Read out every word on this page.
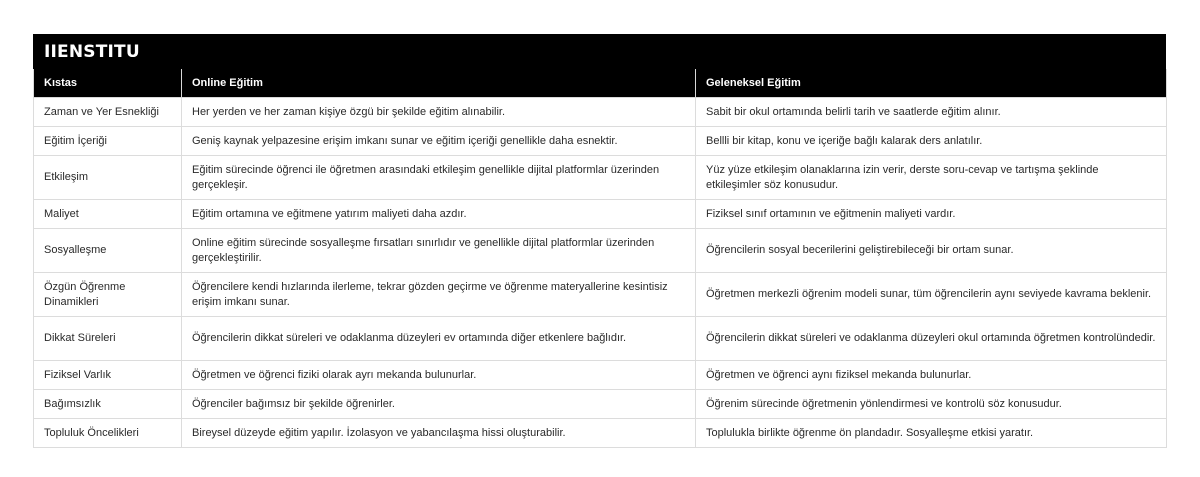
IIENSTITU
Kıstas	Online Eğitim	Geleneksel Eğitim
Zaman ve Yer Esnekliği	Her yerden ve her zaman kişiye özgü bir şekilde eğitim alınabilir.	Sabit bir okul ortamında belirli tarih ve saatlerde eğitim alınır.
Eğitim İçeriği	Geniş kaynak yelpazesine erişim imkanı sunar ve eğitim içeriği genellikle daha esnektir.	Bellli bir kitap, konu ve içeriğe bağlı kalarak ders anlatılır.
Etkileşim	Eğitim sürecinde öğrenci ile öğretmen arasındaki etkileşim genellikle dijital platformlar üzerinden gerçekleşir.	Yüz yüze etkileşim olanaklarına izin verir, derste soru-cevap ve tartışma şeklinde etkileşimler söz konusudur.
Maliyet	Eğitim ortamına ve eğitmene yatırım maliyeti daha azdır.	Fiziksel sınıf ortamının ve eğitmenin maliyeti vardır.
Sosyalleşme	Online eğitim sürecinde sosyalleşme fırsatları sınırlıdır ve genellikle dijital platformlar üzerinden gerçekleştirilir.	Öğrencilerin sosyal becerilerini geliştirebileceği bir ortam sunar.
Özgün Öğrenme Dinamikleri	Öğrencilere kendi hızlarında ilerleme, tekrar gözden geçirme ve öğrenme materyallerine kesintisiz erişim imkanı sunar.	Öğretmen merkezli öğrenim modeli sunar, tüm öğrencilerin aynı seviyede kavrama beklenir.
Dikkat Süreleri	Öğrencilerin dikkat süreleri ve odaklanma düzeyleri ev ortamında diğer etkenlere bağlıdır.	Öğrencilerin dikkat süreleri ve odaklanma düzeyleri okul ortamında öğretmen kontrolündedir.
Fiziksel Varlık	Öğretmen ve öğrenci fiziki olarak ayrı mekanda bulunurlar.	Öğretmen ve öğrenci aynı fiziksel mekanda bulunurlar.
Bağımsızlık	Öğrenciler bağımsız bir şekilde öğrenirler.	Öğrenim sürecinde öğretmenin yönlendirmesi ve kontrolü söz konusudur.
Topluluk Öncelikleri	Bireysel düzeyde eğitim yapılır. İzolasyon ve yabancılaşma hissi oluşturabilir.	Toplulukla birlikte öğrenme ön plandadır. Sosyalleşme etkisi yaratır.
